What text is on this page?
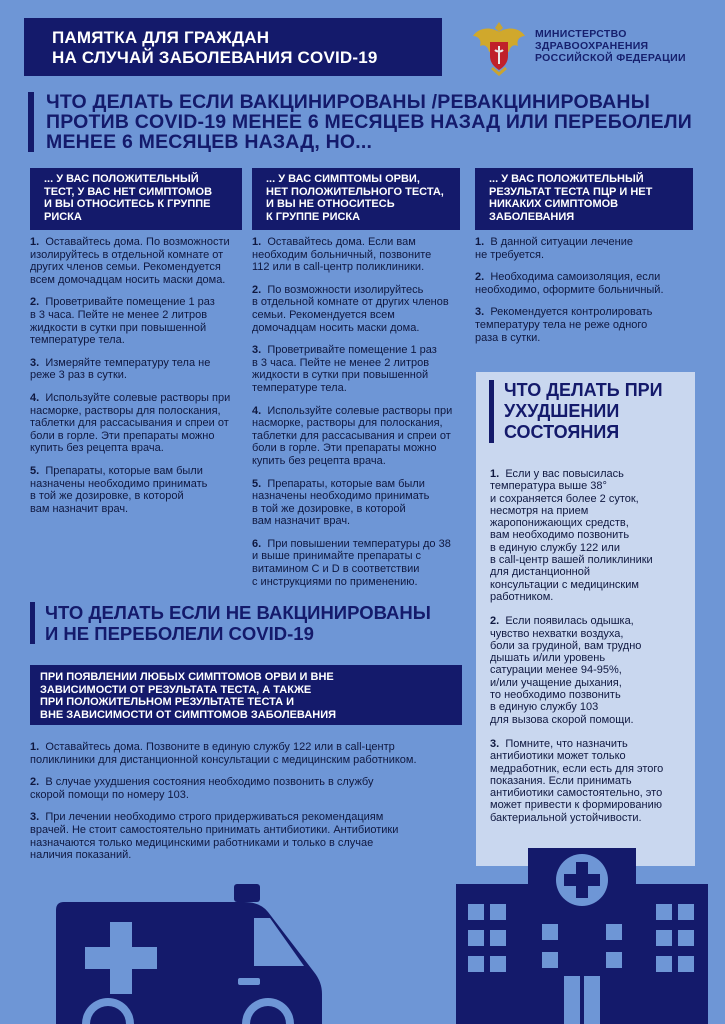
ПАМЯТКА ДЛЯ ГРАЖДАН
НА СЛУЧАЙ ЗАБОЛЕВАНИЯ COVID-19
МИНИСТЕРСТВО
ЗДРАВООХРАНЕНИЯ
РОССИЙСКОЙ ФЕДЕРАЦИИ
ЧТО ДЕЛАТЬ ЕСЛИ ВАКЦИНИРОВАНЫ /РЕВАКЦИНИРОВАНЫ
ПРОТИВ COVID-19 МЕНЕЕ 6 МЕСЯЦЕВ НАЗАД ИЛИ ПЕРЕБОЛЕЛИ
МЕНЕЕ 6 МЕСЯЦЕВ НАЗАД, НО...
... У ВАС ПОЛОЖИТЕЛЬНЫЙ
ТЕСТ, У ВАС НЕТ СИМПТОМОВ
И ВЫ ОТНОСИТЕСЬ К ГРУППЕ
РИСКА
... У ВАС СИМПТОМЫ ОРВИ,
НЕТ ПОЛОЖИТЕЛЬНОГО ТЕСТА,
И ВЫ НЕ ОТНОСИТЕСЬ
К ГРУППЕ РИСКА
... У ВАС ПОЛОЖИТЕЛЬНЫЙ
РЕЗУЛЬТАТ ТЕСТА ПЦР И НЕТ
НИКАКИХ СИМПТОМОВ
ЗАБОЛЕВАНИЯ
1. Оставайтесь дома. По возможности
изолируйтесь в отдельной комнате от
других членов семьи. Рекомендуется
всем домочадцам носить маски дома.
2. Проветривайте помещение 1 раз
в 3 часа. Пейте не менее 2 литров
жидкости в сутки при повышенной
температуре тела.
3. Измеряйте температуру тела не
реже 3 раз в сутки.
4. Используйте солевые растворы при
насморке, растворы для полоскания,
таблетки для рассасывания и спреи от
боли в горле. Эти препараты можно
купить без рецепта врача.
5. Препараты, которые вам были
назначены необходимо принимать
в той же дозировке, в которой
вам назначит врач.
1. Оставайтесь дома. Если вам
необходим больничный, позвоните
112 или в call-центр поликлиники.
2. По возможности изолируйтесь
в отдельной комнате от других членов
семьи. Рекомендуется всем
домочадцам носить маски дома.
3. Проветривайте помещение 1 раз
в 3 часа. Пейте не менее 2 литров
жидкости в сутки при повышенной
температуре тела.
4. Используйте солевые растворы при
насморке, растворы для полоскания,
таблетки для рассасывания и спреи от
боли в горле. Эти препараты можно
купить без рецепта врача.
5. Препараты, которые вам были
назначены необходимо принимать
в той же дозировке, в которой
вам назначит врач.
6. При повышении температуры до 38
и выше принимайте препараты с
витамином С и D в соответствии
с инструкциями по применению.
1. В данной ситуации лечение
не требуется.
2. Необходима самоизоляция, если
необходимо, оформите больничный.
3. Рекомендуется контролировать
температуру тела не реже одного
раза в сутки.
ЧТО ДЕЛАТЬ ПРИ
УХУДШЕНИИ
СОСТОЯНИЯ
1. Если у вас повысилась
температура выше 38°
и сохраняется более 2 суток,
несмотря на прием
жаропонижающих средств,
вам необходимо позвонить
в единую службу 122 или
в call-центр вашей поликлиники
для дистанционной
консультации с медицинским
работником.
2. Если появилась одышка,
чувство нехватки воздуха,
боли за грудиной, вам трудно
дышать и/или уровень
сатурации менее 94-95%,
и/или учащение дыхания,
то необходимо позвонить
в единую службу 103
для вызова скорой помощи.
3. Помните, что назначить
антибиотики может только
медработник, если есть для этого
показания. Если принимать
антибиотики самостоятельно, это
может привести к формированию
бактериальной устойчивости.
ЧТО ДЕЛАТЬ ЕСЛИ НЕ ВАКЦИНИРОВАНЫ
И НЕ ПЕРЕБОЛЕЛИ COVID-19
ПРИ ПОЯВЛЕНИИ ЛЮБЫХ СИМПТОМОВ ОРВИ И ВНЕ
ЗАВИСИМОСТИ ОТ РЕЗУЛЬТАТА ТЕСТА, А ТАКЖЕ
ПРИ ПОЛОЖИТЕЛЬНОМ РЕЗУЛЬТАТЕ ТЕСТА И
ВНЕ ЗАВИСИМОСТИ ОТ СИМПТОМОВ ЗАБОЛЕВАНИЯ
1. Оставайтесь дома. Позвоните в единую службу 122 или в call-центр
поликлиники для дистанционной консультации с медицинским работником.
2. В случае ухудшения состояния необходимо позвонить в службу
скорой помощи по номеру 103.
3. При лечении необходимо строго придерживаться рекомендациям
врачей. Не стоит самостоятельно принимать антибиотики. Антибиотики
назначаются только медицинскими работниками и только в случае
наличия показаний.
